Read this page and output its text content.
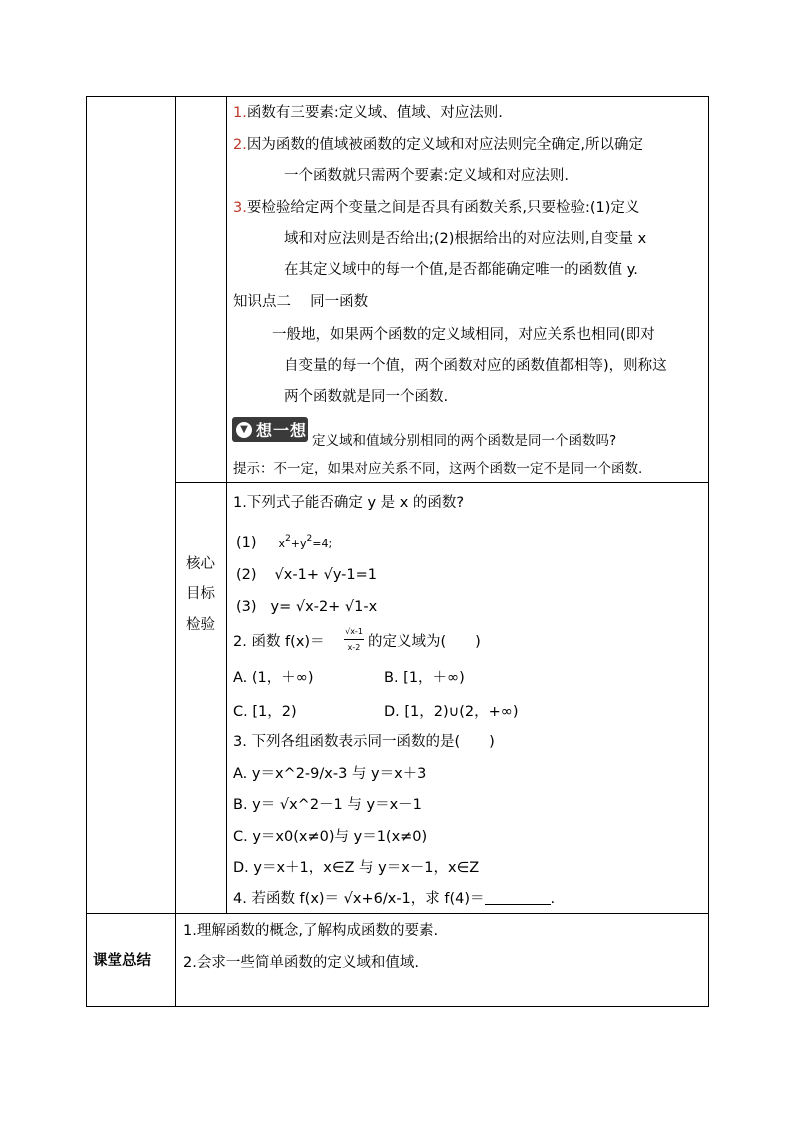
1.函数有三要素:定义域、值域、对应法则.
2.因为函数的值域被函数的定义域和对应法则完全确定,所以确定
一个函数就只需两个要素:定义域和对应法则.
3.要检验给定两个变量之间是否具有函数关系,只要检验:(1)定义
域和对应法则是否给出;(2)根据给出的对应法则,自变量 x
在其定义域中的每一个值,是否都能确定唯一的函数值 y.
知识点二　 同一函数
一般地，如果两个函数的定义域相同，对应关系也相同(即对
自变量的每一个值，两个函数对应的函数值都相等)，则称这
两个函数就是同一个函数.
▼ 想一想
定义域和值域分别相同的两个函数是同一个函数吗?
提示：不一定，如果对应关系不同，这两个函数一定不是同一个函数.
核心
目标
检验
1.下列式子能否确定 y 是 x 的函数?
(1) $x^2+y^2=4$;
(2) √x-1+ √y-1=1
(3) y= √x-2+ √1-x
2. 函数 f(x)＝
√x-1
x-2 的定义域为(　　)
A. (1，＋∞)	B. [1，＋∞)
C. [1，2)	D. [1，2)∪(2，+∞)
3. 下列各组函数表示同一函数的是(　　)
A. y＝x^2-9/x-3 与 y＝x＋3
B. y＝ √x^2－1 与 y＝x－1
C. y＝x0(x≠0)与 y＝1(x≠0)
D. y＝x＋1，x∈Z 与 y＝x－1，x∈Z
4. 若函数 f(x)＝ √x+6/x-1，求 f(4)＝	.
课堂总结
1.理解函数的概念,了解构成函数的要素.
2.会求一些简单函数的定义域和值域.
